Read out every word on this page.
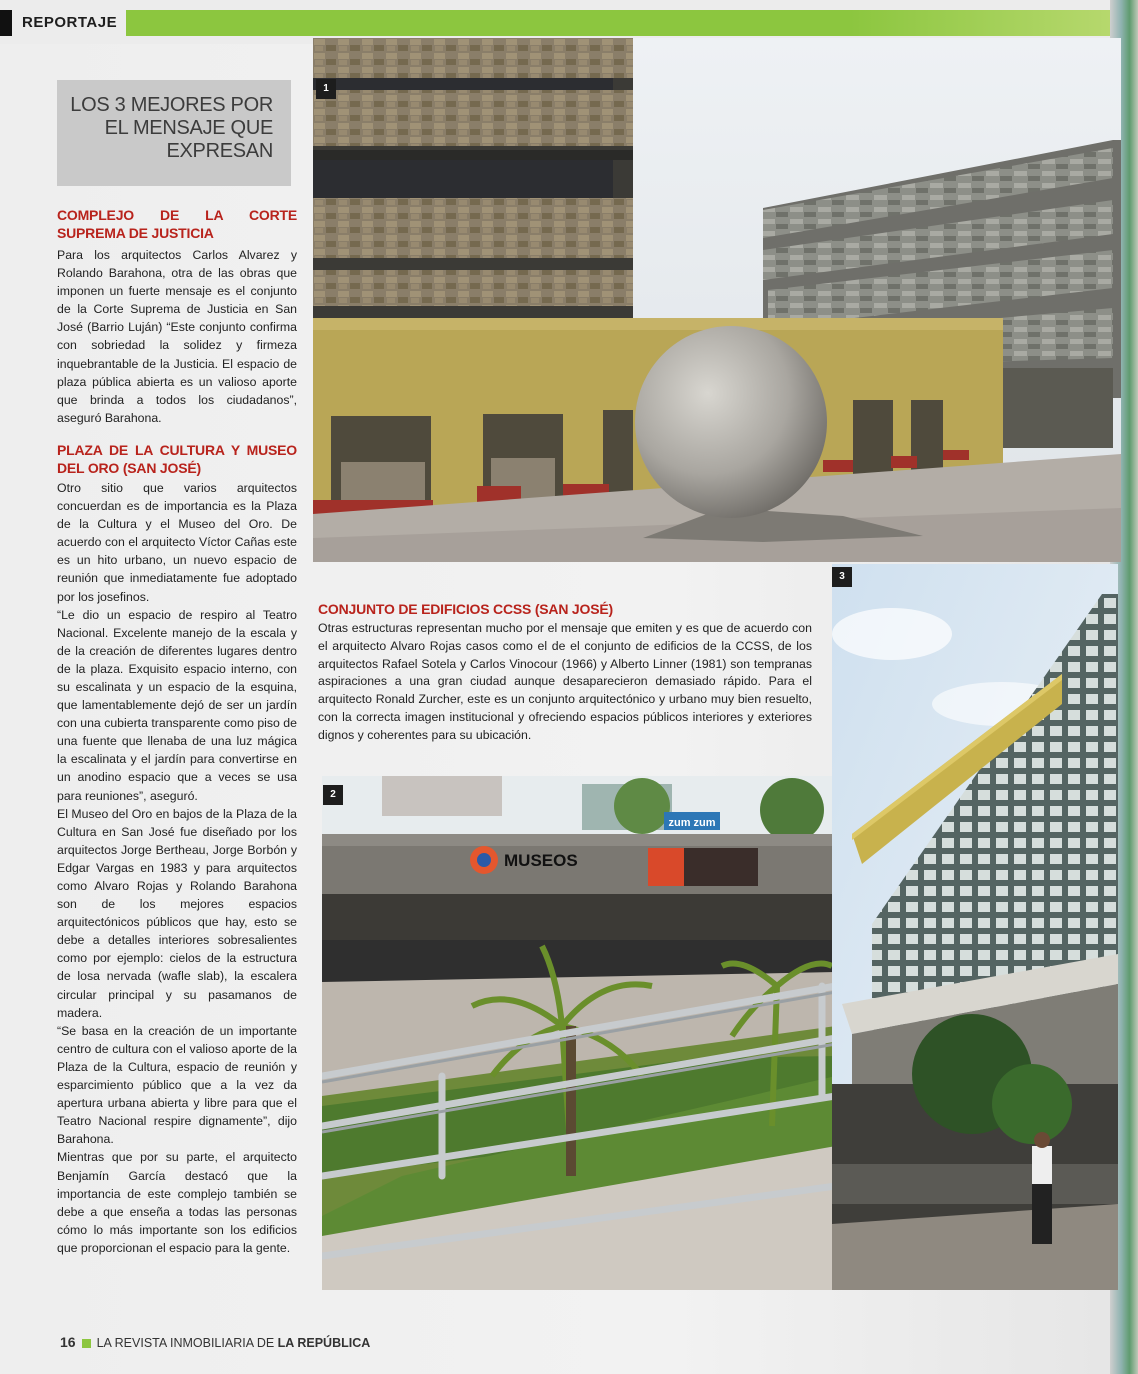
REPORTAJE
LOS 3 MEJORES POR
EL MENSAJE QUE
EXPRESAN

COMPLEJO DE LA CORTE SUPREMA DE JUSTICIA

Para los arquitectos Carlos Alvarez y Rolando Barahona, otra de las obras que imponen un fuerte mensaje es el conjunto de la Corte Suprema de Justicia en San José (Barrio Luján) “Este conjunto confirma con sobriedad la solidez y firmeza inquebrantable de la Justicia. El espacio de plaza pública abierta es un valioso aporte que brinda a todos los ciudadanos”, aseguró Barahona.

PLAZA DE LA CULTURA Y MUSEO DEL ORO (SAN JOSÉ)

Otro sitio que varios arquitectos concuerdan es de importancia es la Plaza de la Cultura y el Museo del Oro. De acuerdo con el arquitecto Víctor Cañas este es un hito urbano, un nuevo espacio de reunión que inmediatamente fue adoptado por los josefinos.

“Le dio un espacio de respiro al Teatro Nacional. Excelente manejo de la escala y de la creación de diferentes lugares dentro de la plaza. Exquisito espacio interno, con su escalinata y un espacio de la esquina, que lamentablemente dejó de ser un jardín con una cubierta transparente como piso de una fuente que llenaba de una luz mágica la escalinata y el jardín para convertirse en un anodino espacio que a veces se usa para reuniones”, aseguró.

El Museo del Oro en bajos de la Plaza de la Cultura en San José fue diseñado por los arquitectos Jorge Bertheau, Jorge Borbón y Edgar Vargas en 1983 y para arquitectos como Alvaro Rojas y Rolando Barahona son de los mejores espacios arquitectónicos públicos que hay, esto se debe a detalles interiores sobresalientes como por ejemplo: cielos de la estructura de losa nervada (wafle slab), la escalera circular principal y su pasamanos de madera.

“Se basa en la creación de un importante centro de cultura con el valioso aporte de la Plaza de la Cultura, espacio de reunión y esparcimiento público que a la vez da apertura urbana abierta y libre para que el Teatro Nacional respire dignamente”, dijo Barahona.

Mientras que por su parte, el arquitecto Benjamín García destacó que la importancia de este complejo también se debe a que enseña a todas las personas cómo lo más importante son los edificios que proporcionan el espacio para la gente.

1

CONJUNTO DE EDIFICIOS CCSS (SAN JOSÉ)

Otras estructuras representan mucho por el mensaje que emiten y es que de acuerdo con el arquitecto Alvaro Rojas casos como el de el conjunto de edificios de la CCSS, de los arquitectos Rafael Sotela y Carlos Vinocour (1966) y Alberto Linner (1981) son tempranas aspiraciones a una gran ciudad aunque desaparecieron demasiado rápido. Para el arquitecto Ronald Zurcher, este es un conjunto arquitectónico y urbano muy bien resuelto, con la correcta imagen institucional y ofreciendo espacios públicos interiores y exteriores dignos y coherentes para su ubicación.

zum zum
MUSEOS
2
3
16 LA REVISTA INMOBILIARIA DE LA REPÚBLICA
